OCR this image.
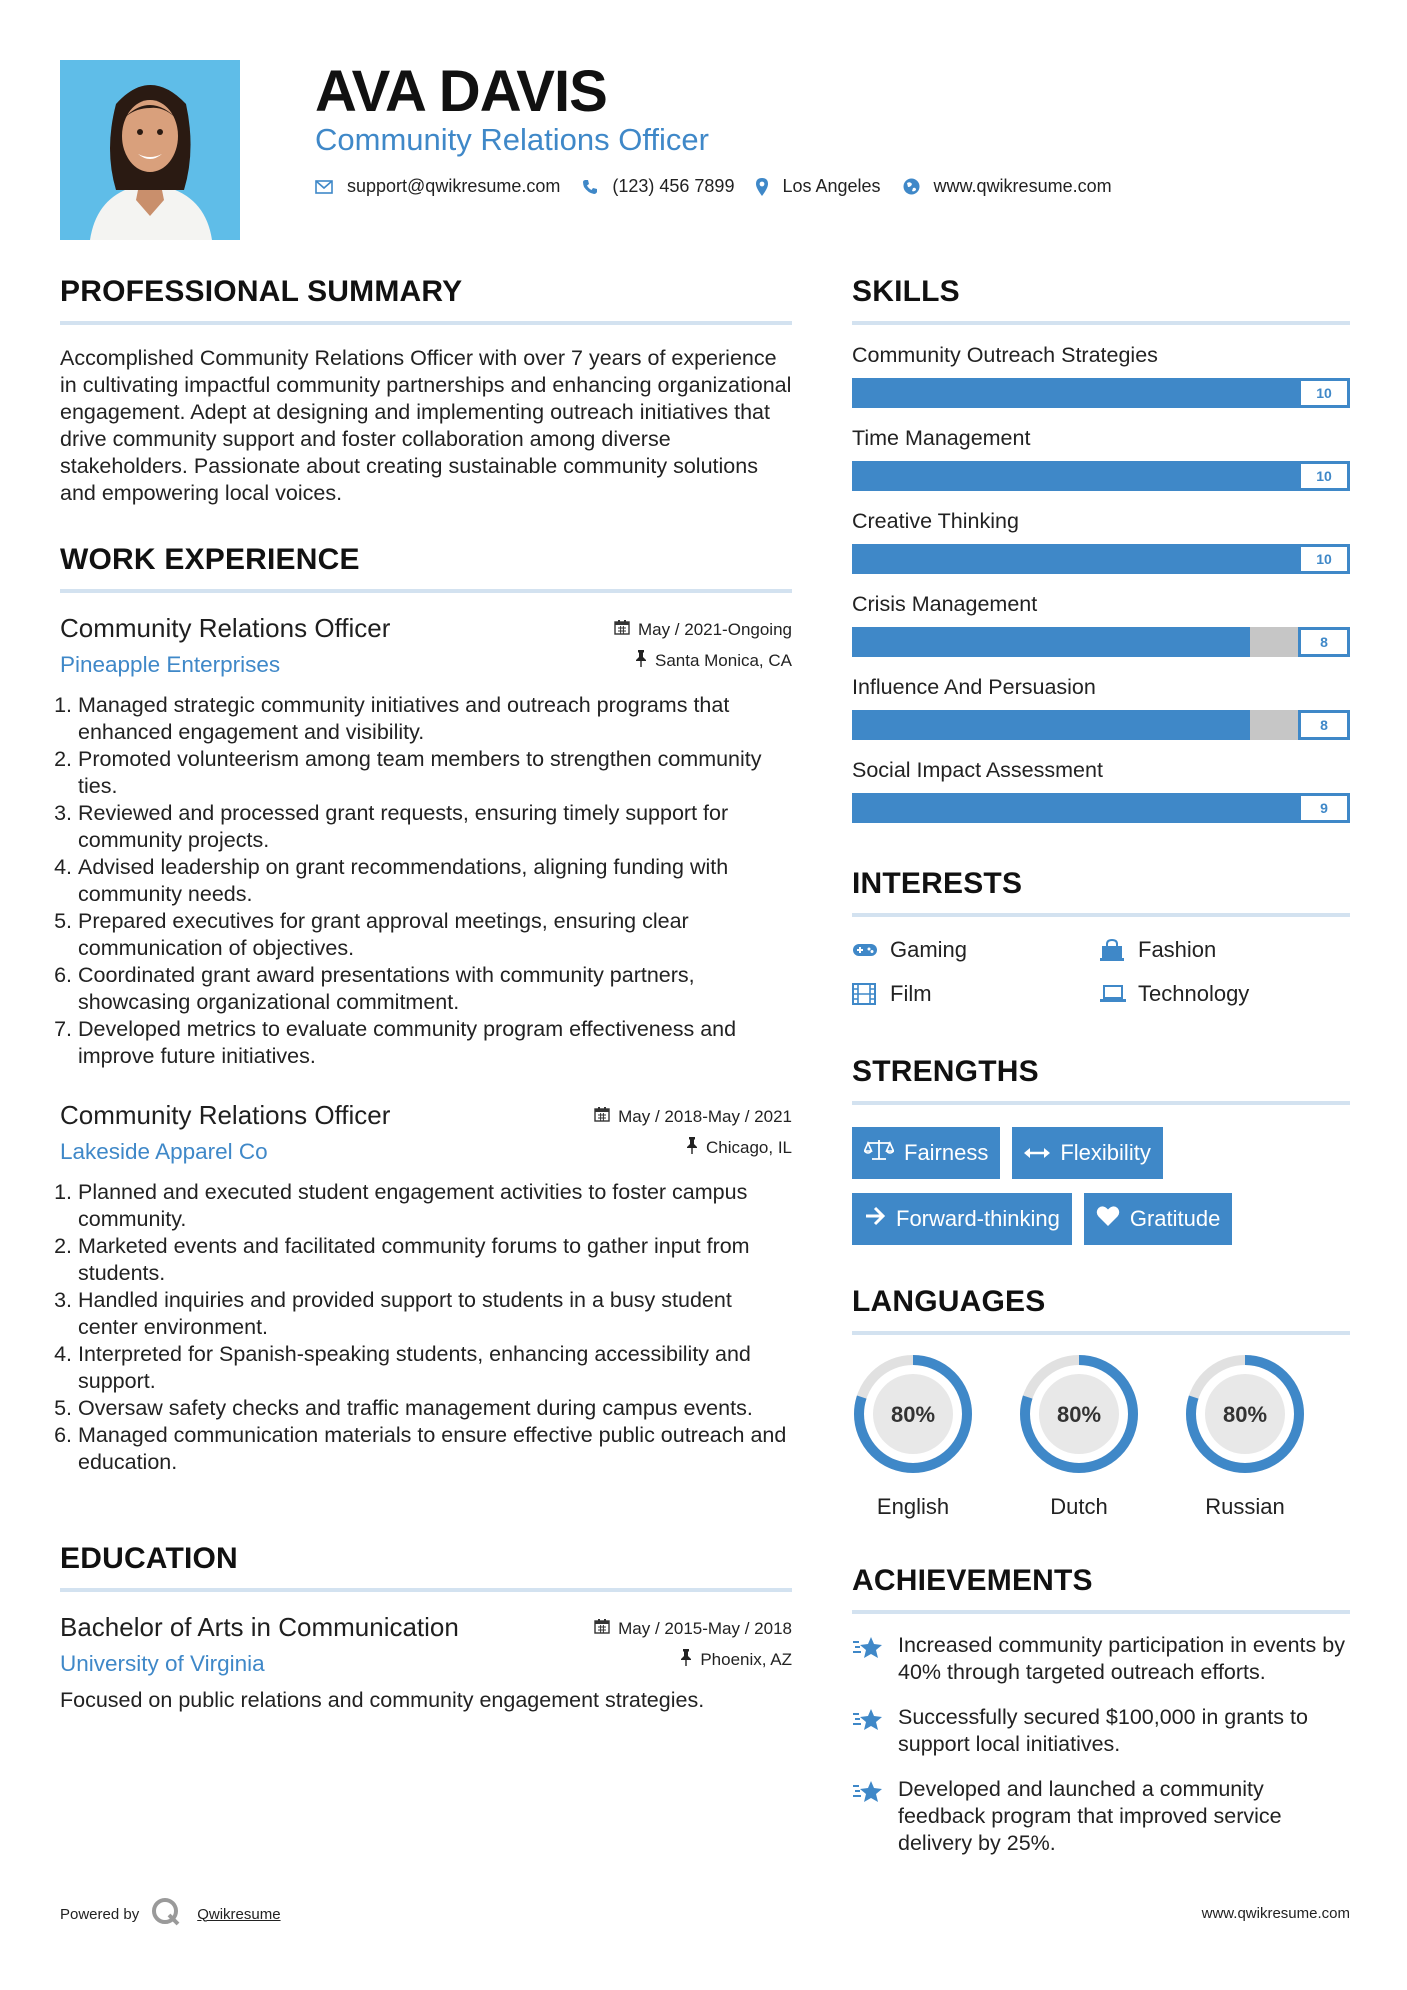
AVA DAVIS
Community Relations Officer
support@qwikresume.com	(123) 456 7899	Los Angeles	www.qwikresume.com
PROFESSIONAL SUMMARY

Accomplished Community Relations Officer with over 7 years of experience in cultivating impactful community partnerships and enhancing organizational engagement. Adept at designing and implementing outreach initiatives that drive community support and foster collaboration among diverse stakeholders. Passionate about creating sustainable community solutions and empowering local voices.

WORK EXPERIENCE
Community Relations Officer	May / 2021-Ongoing
Pineapple Enterprises	Santa Monica, CA
1. Managed strategic community initiatives and outreach programs that enhanced engagement and visibility.
2. Promoted volunteerism among team members to strengthen community ties.
3. Reviewed and processed grant requests, ensuring timely support for community projects.
4. Advised leadership on grant recommendations, aligning funding with community needs.
5. Prepared executives for grant approval meetings, ensuring clear communication of objectives.
6. Coordinated grant award presentations with community partners, showcasing organizational commitment.
7. Developed metrics to evaluate community program effectiveness and improve future initiatives.
Community Relations Officer	May / 2018-May / 2021
Lakeside Apparel Co	Chicago, IL
1. Planned and executed student engagement activities to foster campus community.
2. Marketed events and facilitated community forums to gather input from students.
3. Handled inquiries and provided support to students in a busy student center environment.
4. Interpreted for Spanish-speaking students, enhancing accessibility and support.
5. Oversaw safety checks and traffic management during campus events.
6. Managed communication materials to ensure effective public outreach and education.
EDUCATION
Bachelor of Arts in Communication	May / 2015-May / 2018
University of Virginia	Phoenix, AZ

Focused on public relations and community engagement strategies.

SKILLS
Community Outreach Strategies
10
Time Management
10
Creative Thinking
10
Crisis Management
8
Influence And Persuasion
8
Social Impact Assessment
9
INTERESTS
Gaming	Fashion
Film	Technology
STRENGTHS
Fairness	Flexibility
Forward-thinking	Gratitude
LANGUAGES
80%
English
80%
Dutch
80%
Russian
ACHIEVEMENTS
Increased community participation in events by 40% through targeted outreach efforts.
Successfully secured $100,000 in grants to support local initiatives.
Developed and launched a community feedback program that improved service delivery by 25%.
Powered by	Qwikresume	www.qwikresume.com
